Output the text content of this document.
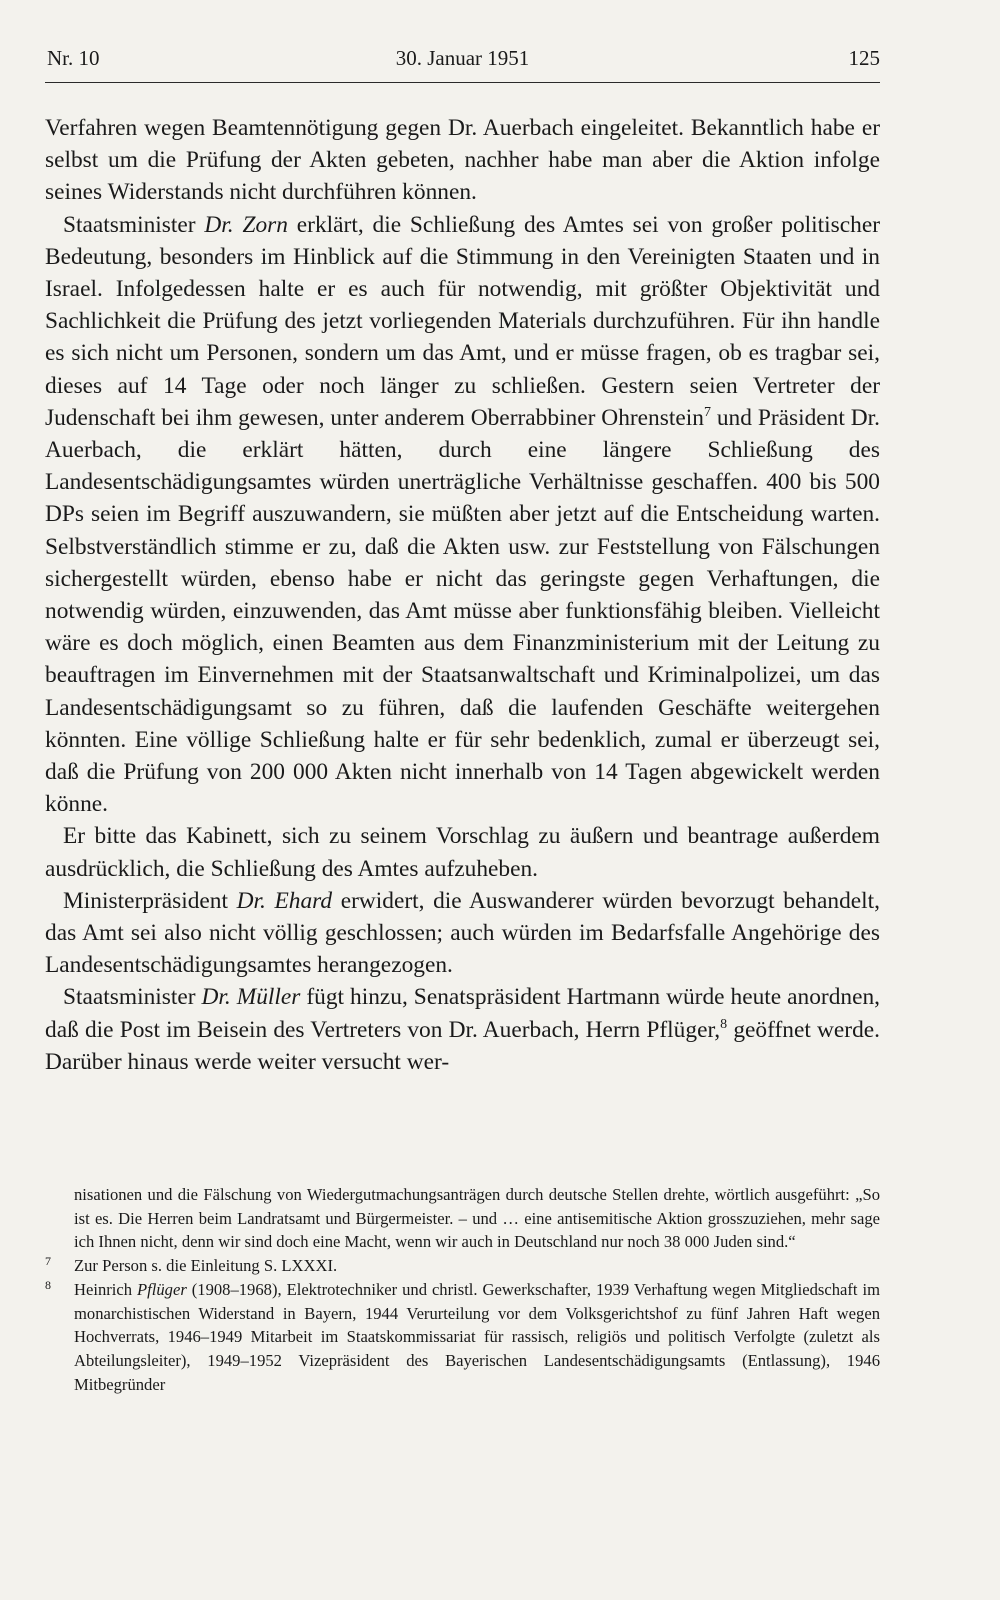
Nr. 10	30. Januar 1951	125

Verfahren wegen Beamtennötigung gegen Dr. Auerbach eingeleitet. Bekanntlich habe er selbst um die Prüfung der Akten gebeten, nachher habe man aber die Aktion infolge seines Widerstands nicht durchführen können.

Staatsminister Dr. Zorn erklärt, die Schließung des Amtes sei von großer politischer Bedeutung, besonders im Hinblick auf die Stimmung in den Vereinigten Staaten und in Israel. Infolgedessen halte er es auch für notwendig, mit größter Objektivität und Sachlichkeit die Prüfung des jetzt vorliegenden Materials durchzuführen. Für ihn handle es sich nicht um Personen, sondern um das Amt, und er müsse fragen, ob es tragbar sei, dieses auf 14 Tage oder noch länger zu schließen. Gestern seien Vertreter der Judenschaft bei ihm gewesen, unter anderem Oberrabbiner Ohrenstein$^7$ und Präsident Dr. Auerbach, die erklärt hätten, durch eine längere Schließung des Landesentschädigungsamtes würden unerträgliche Verhältnisse geschaffen. 400 bis 500 DPs seien im Begriff auszuwandern, sie müßten aber jetzt auf die Entscheidung warten. Selbstverständlich stimme er zu, daß die Akten usw. zur Feststellung von Fälschungen sichergestellt würden, ebenso habe er nicht das geringste gegen Verhaftungen, die notwendig würden, einzuwenden, das Amt müsse aber funktionsfähig bleiben. Vielleicht wäre es doch möglich, einen Beamten aus dem Finanzministerium mit der Leitung zu beauftragen im Einvernehmen mit der Staatsanwaltschaft und Kriminalpolizei, um das Landesentschädigungsamt so zu führen, daß die laufenden Geschäfte weitergehen könnten. Eine völlige Schließung halte er für sehr bedenklich, zumal er überzeugt sei, daß die Prüfung von 200 000 Akten nicht innerhalb von 14 Tagen abgewickelt werden könne.

Er bitte das Kabinett, sich zu seinem Vorschlag zu äußern und beantrage außerdem ausdrücklich, die Schließung des Amtes aufzuheben.

Ministerpräsident Dr. Ehard erwidert, die Auswanderer würden bevorzugt behandelt, das Amt sei also nicht völlig geschlossen; auch würden im Bedarfsfalle Angehörige des Landesentschädigungsamtes herangezogen.

Staatsminister Dr. Müller fügt hinzu, Senatspräsident Hartmann würde heute anordnen, daß die Post im Beisein des Vertreters von Dr. Auerbach, Herrn Pflüger,$^8$ geöffnet werde. Darüber hinaus werde weiter versucht wer-

nisationen und die Fälschung von Wiedergutmachungsanträgen durch deutsche Stellen drehte, wörtlich ausgeführt: „So ist es. Die Herren beim Landratsamt und Bürgermeister. – und … eine antisemitische Aktion grosszuziehen, mehr sage ich Ihnen nicht, denn wir sind doch eine Macht, wenn wir auch in Deutschland nur noch 38 000 Juden sind.“

7 Zur Person s. die Einleitung S. LXXXI.

8 Heinrich Pflüger (1908–1968), Elektrotechniker und christl. Gewerkschafter, 1939 Verhaftung wegen Mitgliedschaft im monarchistischen Widerstand in Bayern, 1944 Verurteilung vor dem Volksgerichtshof zu fünf Jahren Haft wegen Hochverrats, 1946–1949 Mitarbeit im Staatskommissariat für rassisch, religiös und politisch Verfolgte (zuletzt als Abteilungsleiter), 1949–1952 Vizepräsident des Bayerischen Landesentschädigungsamts (Entlassung), 1946 Mitbegründer
